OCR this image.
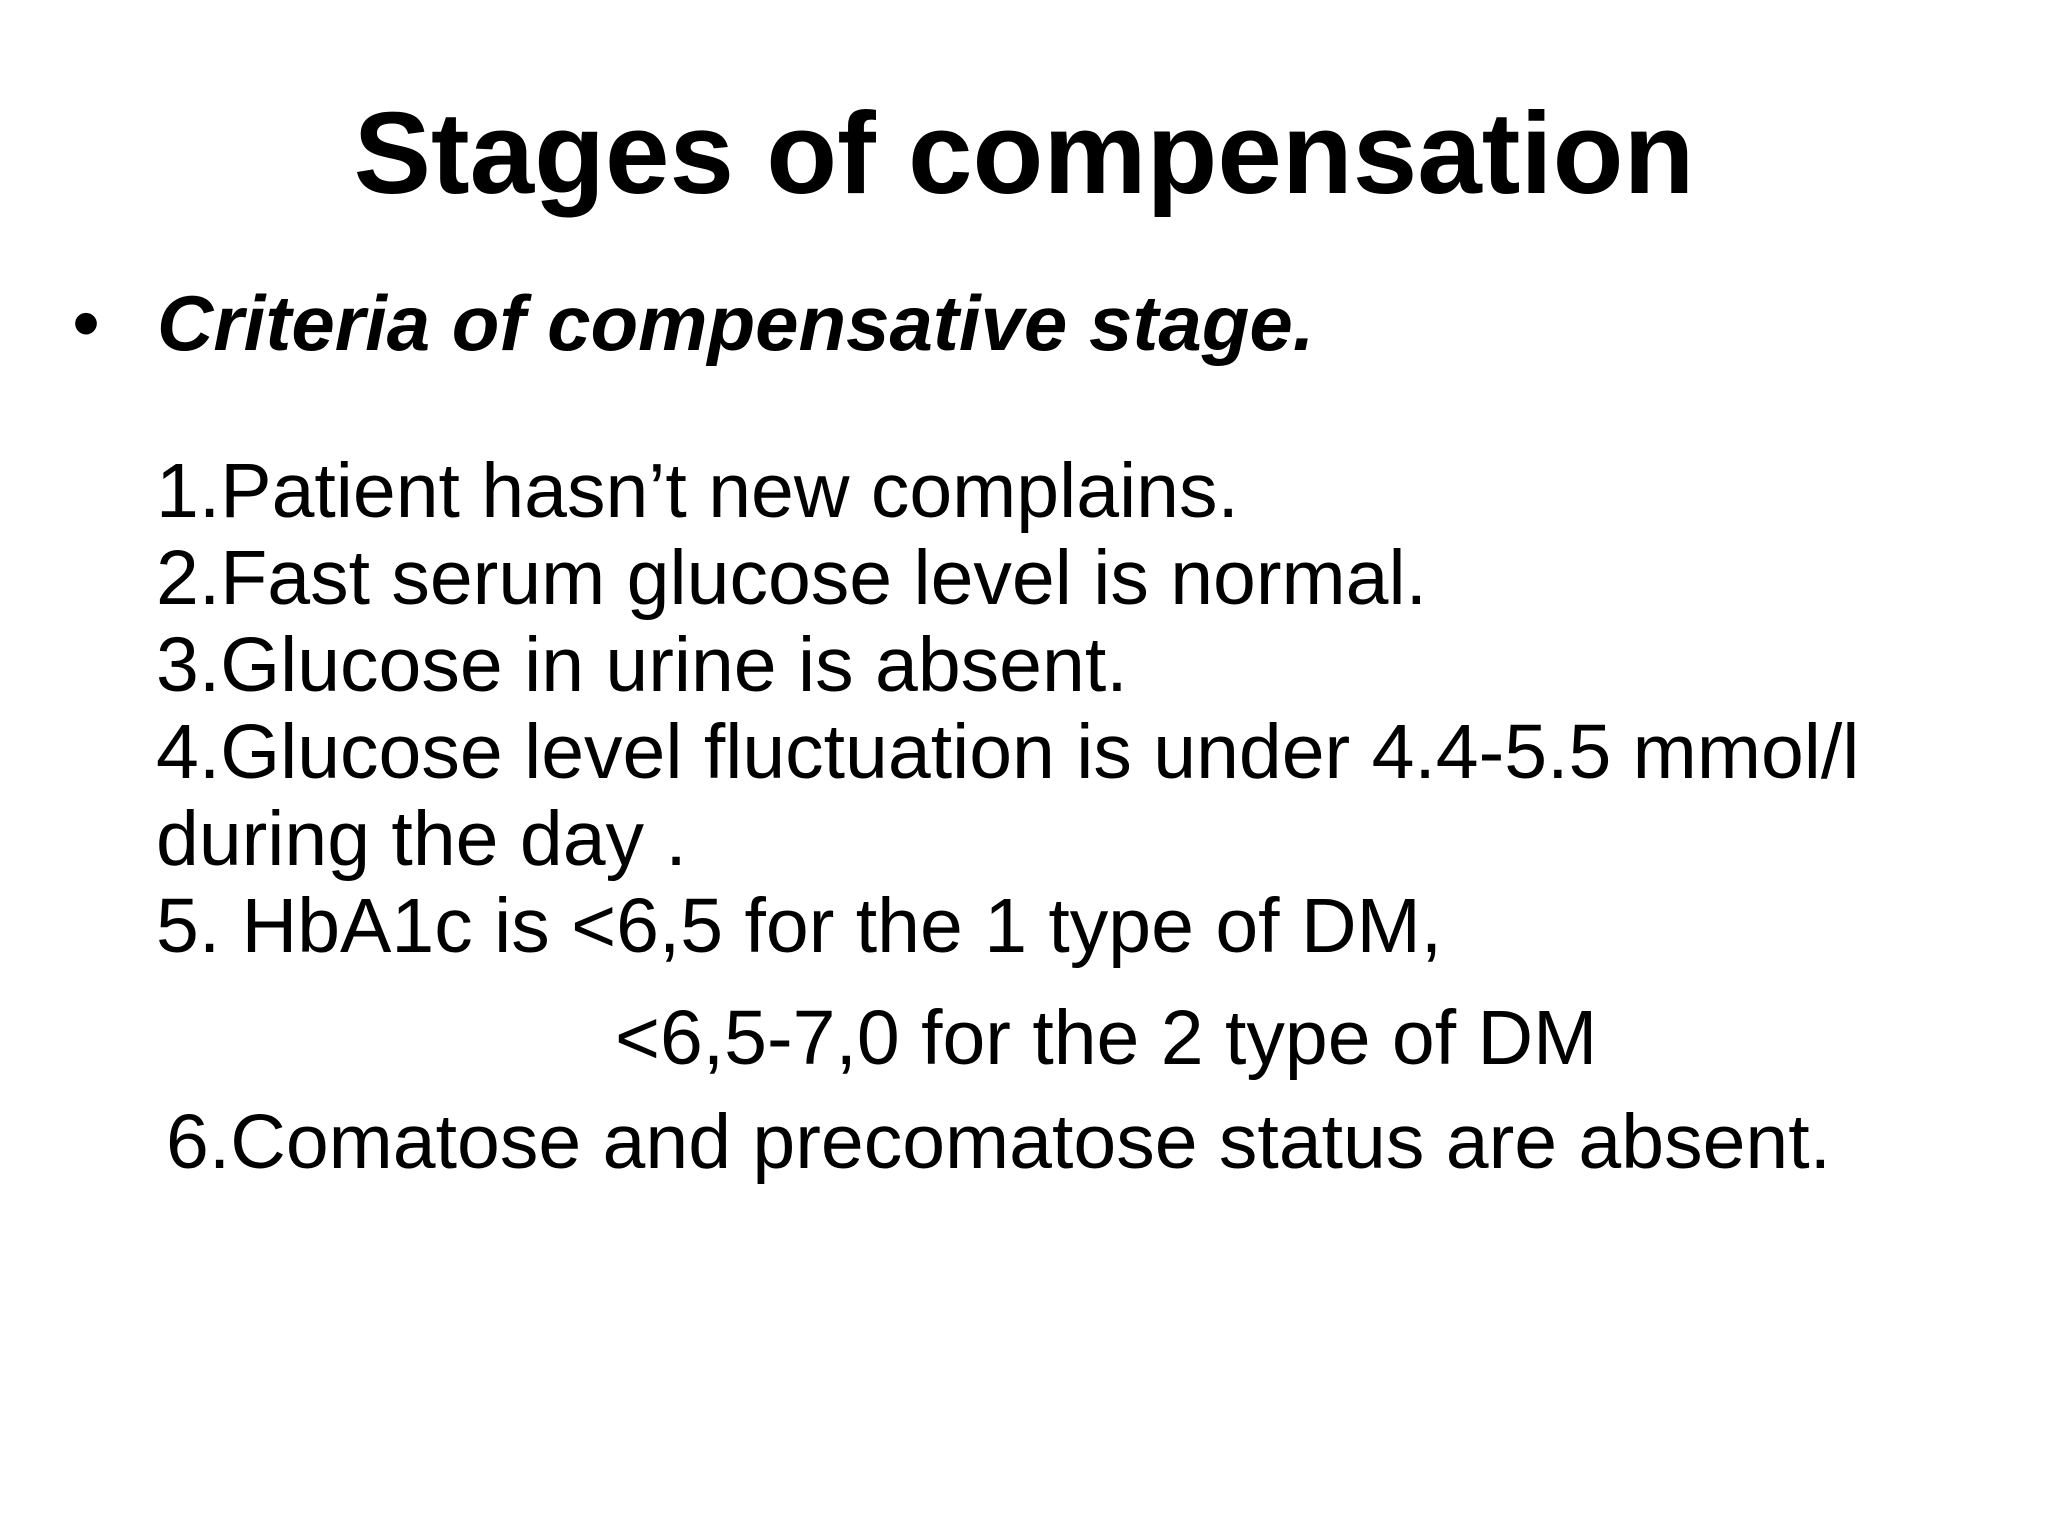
Stages of compensation
• Criteria of compensative stage.
1.Patient hasn’t new complains.
2.Fast serum glucose level is normal.
3.Glucose in urine is absent.
4.Glucose level fluctuation is under 4.4-5.5 mmol/l
during the day .
5. HbA1c is <6,5 for the 1 type of DM,
<6,5-7,0 for the 2 type of DM
6.Comatose and precomatose status are absent.
